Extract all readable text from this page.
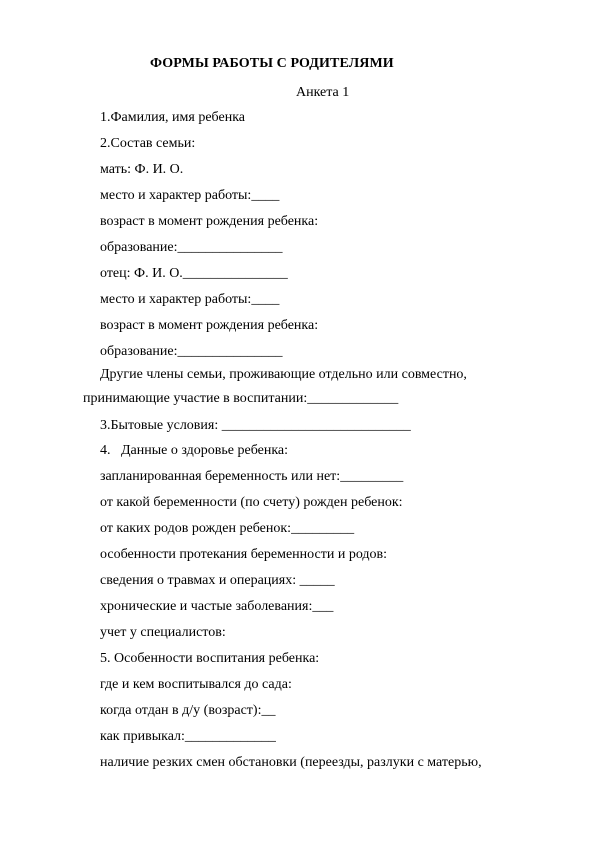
ФОРМЫ РАБОТЫ С РОДИТЕЛЯМИ
Анкета 1
1.Фамилия, имя ребенка
2.Состав семьи:
мать: Ф. И. О.
место и характер работы:____
возраст в момент рождения ребенка:
образование:_______________
отец: Ф. И. О._______________
место и характер работы:____
возраст в момент рождения ребенка:
образование:_______________
Другие члены семьи, проживающие отдельно или совместно,
принимающие участие в воспитании:_____________
3.Бытовые условия: ___________________________
4.   Данные о здоровье ребенка:
запланированная беременность или нет:_________
от какой беременности (по счету) рожден ребенок:
от каких родов рожден ребенок:_________
особенности протекания беременности и родов:
сведения о травмах и операциях: _____
хронические и частые заболевания:___
учет у специалистов:
5. Особенности воспитания ребенка:
где и кем воспитывался до сада:
когда отдан в д/у (возраст):__
как привыкал:_____________
наличие резких смен обстановки (переезды, разлуки с матерью,
